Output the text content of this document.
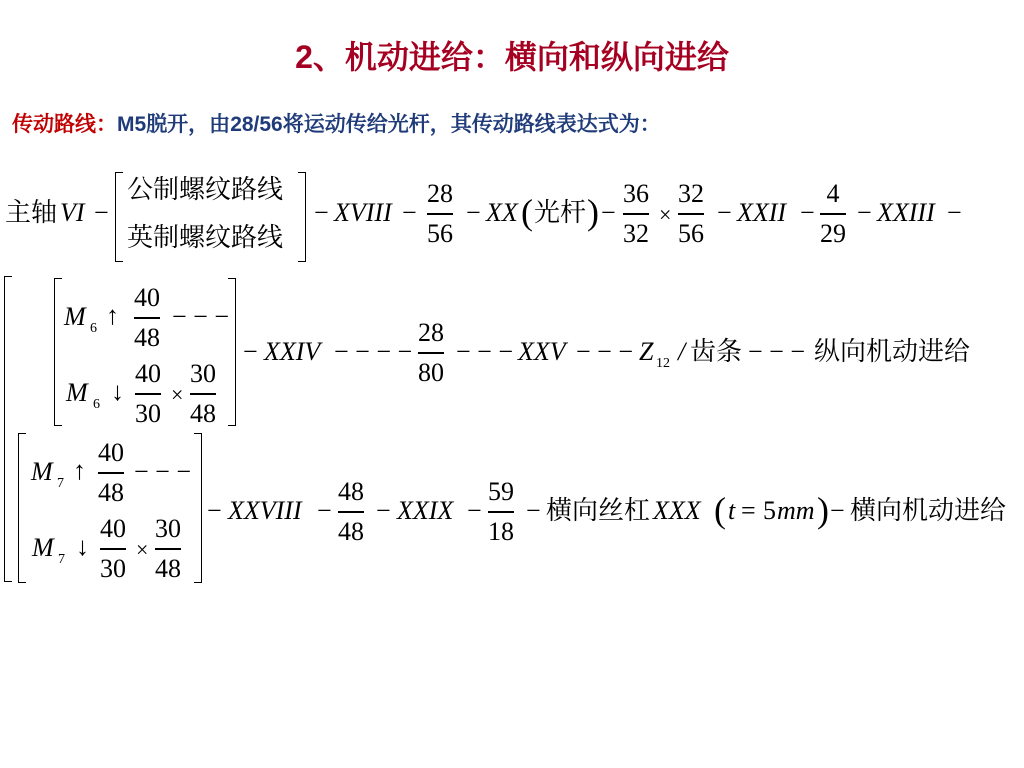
2、机动进给：横向和纵向进给
传动路线：M5脱开，由28/56将运动传给光杆，其传动路线表达式为：
主轴 VI −
公制螺纹路线
英制螺纹路线
− XVIII −
28
56
− XX ( 光杆 ) −
36
32
×
32
56
− XXII −
4
29
− XXIII −
M 6 ↑
40
48
− − −
M 6 ↓
40
30
×
30
48
− XXIV − − − −
28
80
− − − XXV − − − Z 12 / 齿条 − − − 纵向机动进给
M 7 ↑
40
48
− − −
M 7 ↓
40
30
×
30
48
− XXVIII −
48
48
− XXIX −
59
18
− 横向丝杠 XXX ( t = 5 mm ) − 横向机动进给
